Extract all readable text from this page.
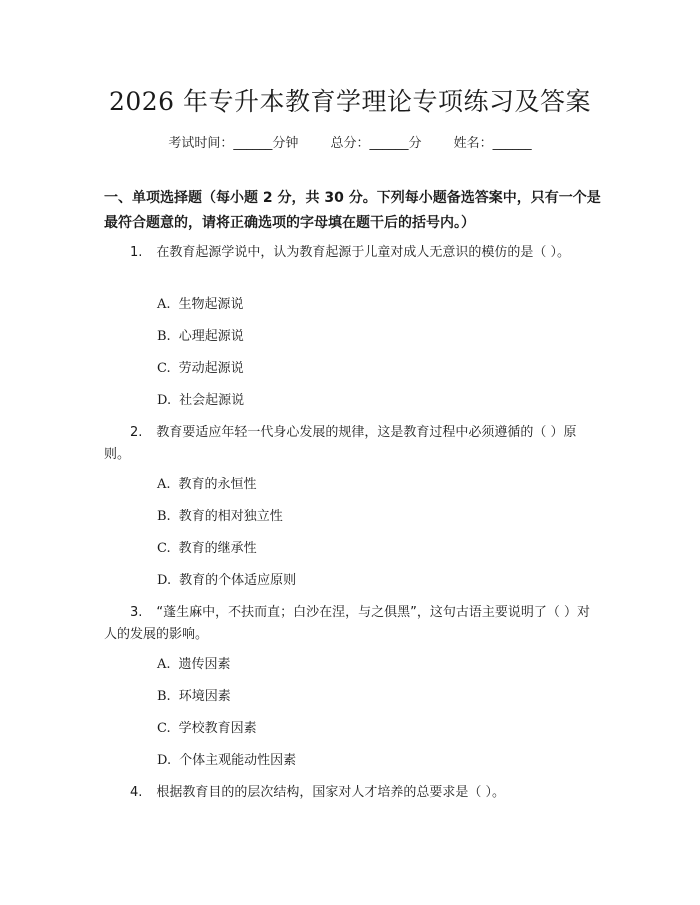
2026 年专升本教育学理论专项练习及答案
考试时间：______分钟 总分：______分 姓名：______
一、单项选择题（每小题 2 分，共 30 分。下列每小题备选答案中，只有一个是最符合题意的，请将正确选项的字母填在题干后的括号内。）
1. 在教育起源学说中，认为教育起源于儿童对成人无意识的模仿的是（ ）。
A. 生物起源说
B. 心理起源说
C. 劳动起源说
D. 社会起源说
2. 教育要适应年轻一代身心发展的规律，这是教育过程中必须遵循的（ ）原则。
A. 教育的永恒性
B. 教育的相对独立性
C. 教育的继承性
D. 教育的个体适应原则
3. “蓬生麻中，不扶而直；白沙在涅，与之俱黑”，这句古语主要说明了（ ）对人的发展的影响。
A. 遗传因素
B. 环境因素
C. 学校教育因素
D. 个体主观能动性因素
4. 根据教育目的的层次结构，国家对人才培养的总要求是（ ）。
